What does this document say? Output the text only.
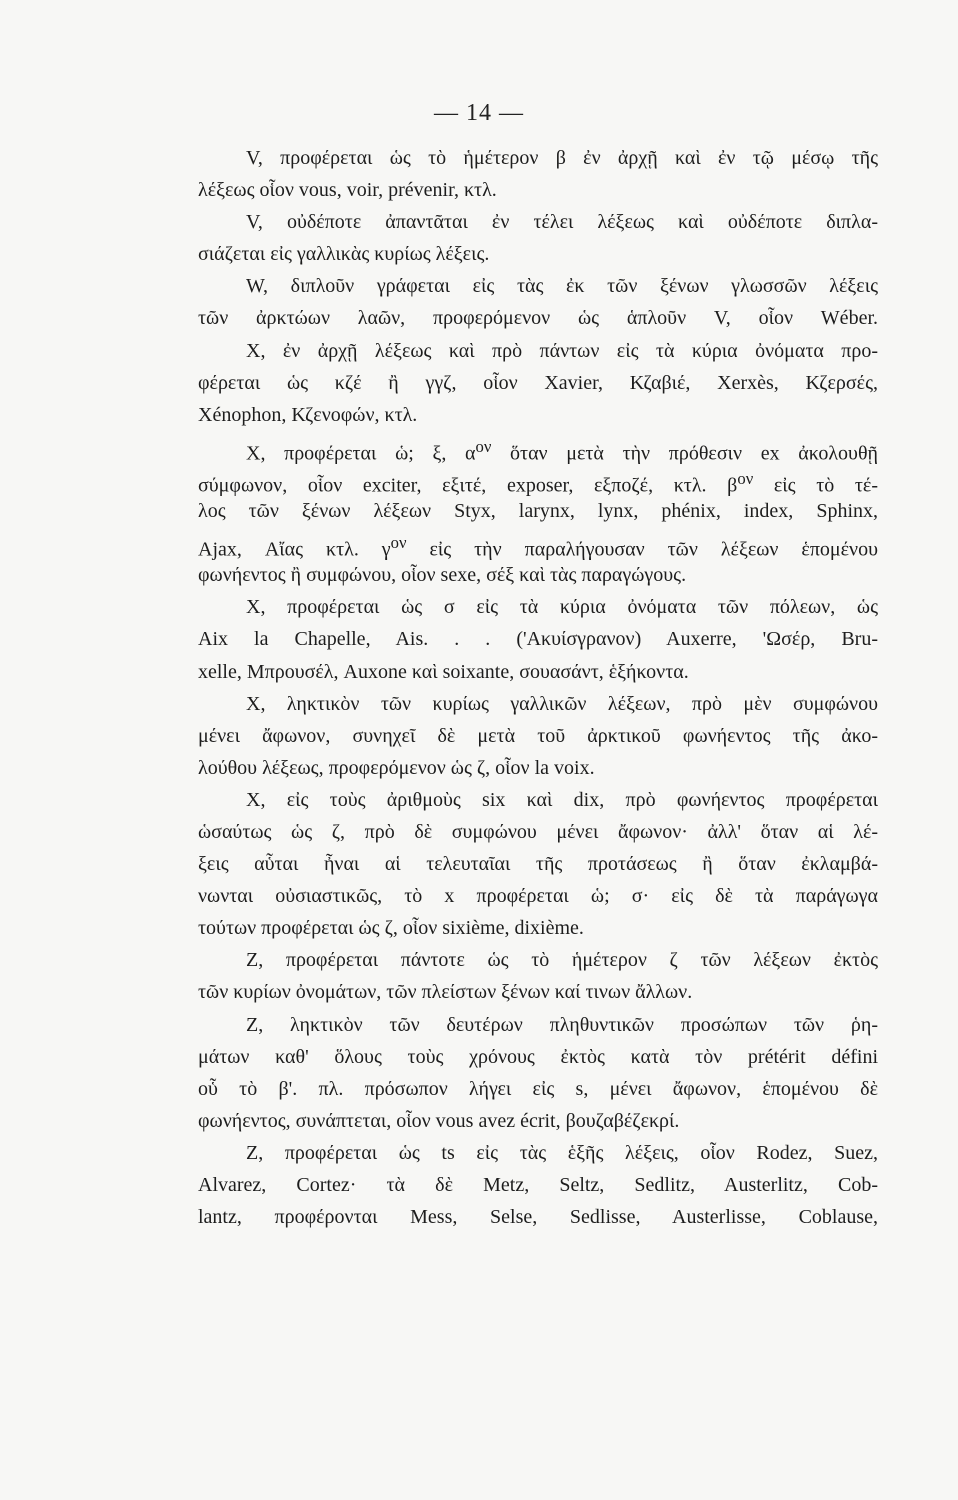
— 14 —
V, προφέρεται ὡς τὸ ἡμέτερον β ἐν ἀρχῇ καὶ ἐν τῷ μέσῳ τῆς
λέξεως οἷον vous, voir, prévenir, κτλ.
V, οὐδέποτε ἀπαντᾶται ἐν τέλει λέξεως καὶ οὐδέποτε διπλα-
σιάζεται εἰς γαλλικὰς κυρίως λέξεις.
W, διπλοῦν γράφεται εἰς τὰς ἐκ τῶν ξένων γλωσσῶν λέξεις
τῶν ἀρκτώων λαῶν, προφερόμενον ὡς ἁπλοῦν V, οἷον Wéber.
X, ἐν ἀρχῇ λέξεως καὶ πρὸ πάντων εἰς τὰ κύρια ὀνόματα προ-
φέρεται ὡς κζέ ἢ γγζ, οἷον Xavier, Κζαβιέ, Xerxès, Κζερσές,
Xénophon, Κζενοφών, κτλ.
X, προφέρεται ὡ; ξ, $\alpha^{o\nu}$ ὅταν μετὰ τὴν πρόθεσιν ex ἀκολουθῇ
σύμφωνον, οἷον exciter, εξιτέ, exposer, εξποζέ, κτλ. $\beta^{o\nu}$ εἰς τὸ τέ-
λος τῶν ξένων λέξεων Styx, larynx, lynx, phénix, index, Sphinx,
Ajax, Αἴας κτλ. $\gamma^{o\nu}$ εἰς τὴν παραλήγουσαν τῶν λέξεων ἑπομένου
φωνήεντος ἢ συμφώνου, οἷον sexe, σέξ καὶ τὰς παραγώγους.
X, προφέρεται ὡς σ εἰς τὰ κύρια ὀνόματα τῶν πόλεων, ὡς
Aix la Chapelle, Ais. . . ('Ακυίσγρανον) Auxerre, 'Ωσέρ, Bru-
xelle, Μπρουσέλ, Auxone καὶ soixante, σουασάντ, ἑξήκοντα.
X, ληκτικὸν τῶν κυρίως γαλλικῶν λέξεων, πρὸ μὲν συμφώνου
μένει ἄφωνον, συνηχεῖ δὲ μετὰ τοῦ ἀρκτικοῦ φωνήεντος τῆς ἀκο-
λούθου λέξεως, προφερόμενον ὡς ζ, οἷον la voix.
X, εἰς τοὺς ἀριθμοὺς six καὶ dix, πρὸ φωνήεντος προφέρεται
ὡσαύτως ὡς ζ, πρὸ δὲ συμφώνου μένει ἄφωνον· ἀλλ' ὅταν αἱ λέ-
ξεις αὗται ἦναι αἱ τελευταῖαι τῆς προτάσεως ἢ ὅταν ἐκλαμβά-
νωνται οὐσιαστικῶς, τὸ x προφέρεται ὡ; σ· εἰς δὲ τὰ παράγωγα
τούτων προφέρεται ὡς ζ, οἷον sixième, dixième.
Z, προφέρεται πάντοτε ὡς τὸ ἡμέτερον ζ τῶν λέξεων ἐκτὸς
τῶν κυρίων ὀνομάτων, τῶν πλείστων ξένων καί τινων ἄλλων.
Z, ληκτικὸν τῶν δευτέρων πληθυντικῶν προσώπων τῶν ῥη-
μάτων καθ' ὅλους τοὺς χρόνους ἐκτὸς κατὰ τὸν prétérit défini
οὗ τὸ β'. πλ. πρόσωπον λήγει εἰς s, μένει ἄφωνον, ἑπομένου δὲ
φωνήεντος, συνάπτεται, οἷον vous avez écrit, βουζαβέζεκρί.
Z, προφέρεται ὡς ts εἰς τὰς ἑξῆς λέξεις, οἷον Rodez, Suez,
Alvarez, Cortez· τὰ δὲ Metz, Seltz, Sedlitz, Austerlitz, Cob-
lantz, προφέρονται Mess, Selse, Sedlisse, Austerlisse, Coblause,
